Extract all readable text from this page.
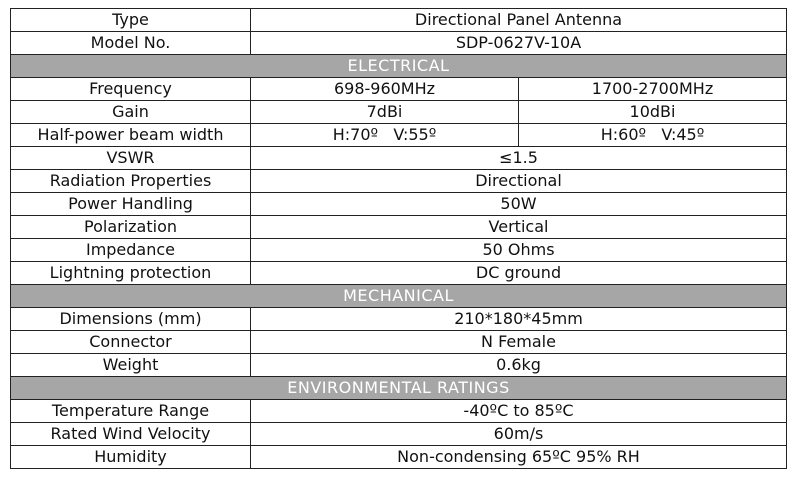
Type	Directional Panel Antenna	
Model No.	SDP-0627V-10A	
ELECTRICAL		
Frequency	698-960MHz	1700-2700MHz
Gain	7dBi	10dBi
Half-power beam width	H:70º   V:55º	H:60º   V:45º
VSWR	≤1.5	
Radiation Properties	Directional	
Power Handling	50W	
Polarization	Vertical	
Impedance	50 Ohms	
Lightning protection	DC ground	
MECHANICAL		
Dimensions (mm)	210*180*45mm	
Connector	N Female	
Weight	0.6kg	
ENVIRONMENTAL RATINGS		
Temperature Range	-40ºC to 85ºC	
Rated Wind Velocity	60m/s	
Humidity	Non-condensing 65ºC 95% RH	
